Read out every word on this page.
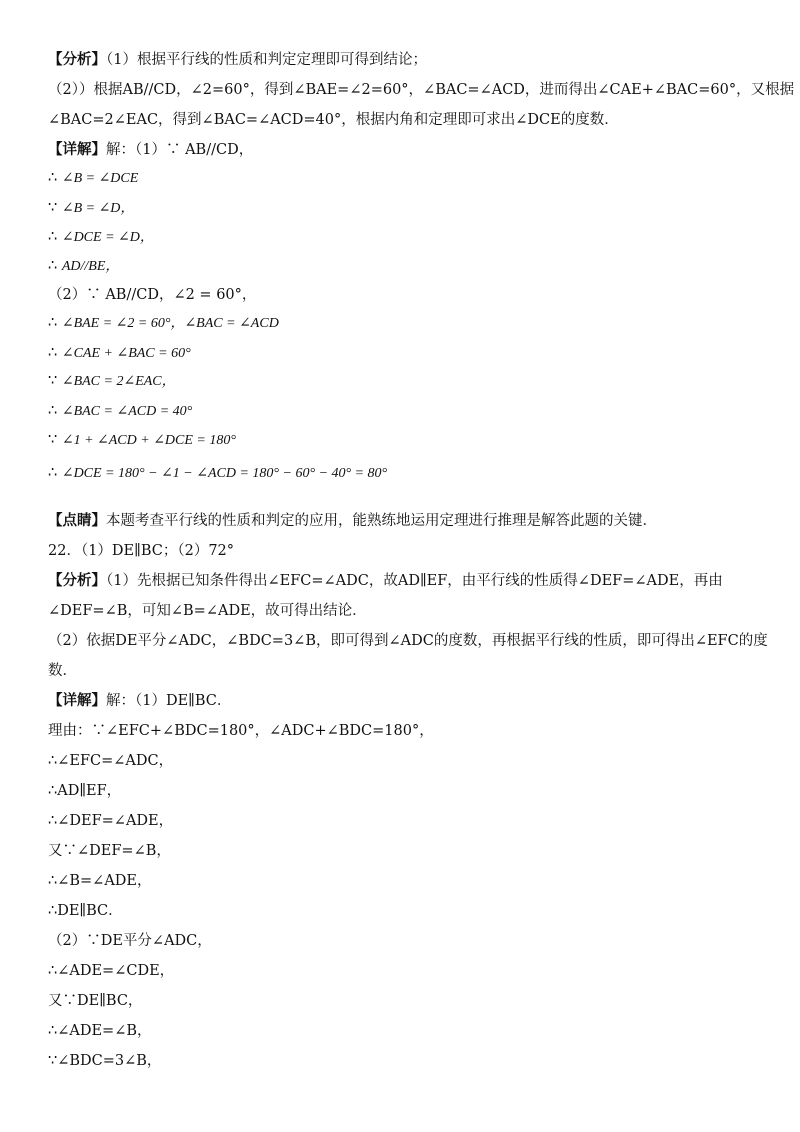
【分析】（1）根据平行线的性质和判定定理即可得到结论；
（2））根据AB//CD，∠2=60°，得到∠BAE=∠2=60°，∠BAC=∠ACD，进而得出∠CAE+∠BAC=60°，又根据
∠BAC=2∠EAC，得到∠BAC=∠ACD=40°，根据内角和定理即可求出∠DCE的度数．
【详解】解：（1）∵ AB//CD，
∴ ∠B = ∠DCE
∵ ∠B = ∠D，
∴ ∠DCE = ∠D，
∴ AD//BE，
（2）∵ AB//CD，∠2 = 60°，
∴ ∠BAE = ∠2 = 60°，∠BAC = ∠ACD
∴ ∠CAE + ∠BAC = 60°
∵ ∠BAC = 2∠EAC，
∴ ∠BAC = ∠ACD = 40°
∵ ∠1 + ∠ACD + ∠DCE = 180°
∴ ∠DCE = 180° − ∠1 − ∠ACD = 180° − 60° − 40° = 80°
【点睛】本题考查平行线的性质和判定的应用，能熟练地运用定理进行推理是解答此题的关键．
22．（1）DE∥BC；（2）72°
【分析】（1）先根据已知条件得出∠EFC=∠ADC，故AD∥EF，由平行线的性质得∠DEF=∠ADE，再由
∠DEF=∠B，可知∠B=∠ADE，故可得出结论．
（2）依据DE平分∠ADC，∠BDC=3∠B，即可得到∠ADC的度数，再根据平行线的性质，即可得出∠EFC的度
数．
【详解】解：（1）DE∥BC．
理由：∵∠EFC+∠BDC=180°，∠ADC+∠BDC=180°，
∴∠EFC=∠ADC，
∴AD∥EF，
∴∠DEF=∠ADE，
又∵∠DEF=∠B，
∴∠B=∠ADE，
∴DE∥BC．
（2）∵DE平分∠ADC，
∴∠ADE=∠CDE，
又∵DE∥BC，
∴∠ADE=∠B，
∵∠BDC=3∠B，
